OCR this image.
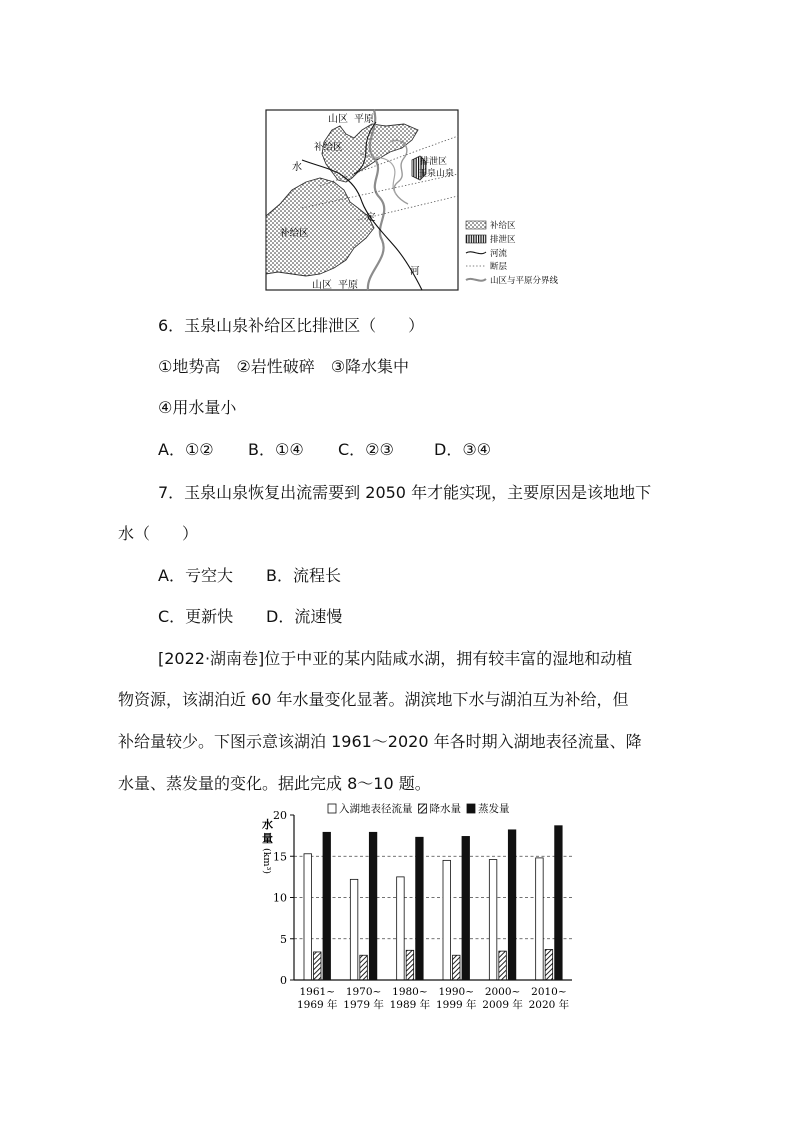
山区 平原
补给区
水	排泄区
玉泉山泉
定
补给区
河
山区 平原
补给区
排泄区
河流
断层
山区与平原分界线
6．玉泉山泉补给区比排泄区（　　）
①地势高　②岩性破碎　③降水集中
④用水量小
A．①② B．①④ C．②③	D．③④
7．玉泉山泉恢复出流需要到 2050 年才能实现，主要原因是该地地下
水（　　）
A．亏空大 B．流程长
C．更新快 D．流速慢
[2022·湖南卷]位于中亚的某内陆咸水湖，拥有较丰富的湿地和动植
物资源，该湖泊近 60 年水量变化显著。湖滨地下水与湖泊互为补给，但
补给量较少。下图示意该湖泊 1961～2020 年各时期入湖地表径流量、降
水量、蒸发量的变化。据此完成 8～10 题。
0
5
10
15
20
水
量
(km³)
1961~
1969 年
1970~
1979 年
1980~
1989 年
1990~
1999 年
2000~
2009 年
2010~
2020 年
入湖地表径流量 降水量 蒸发量
